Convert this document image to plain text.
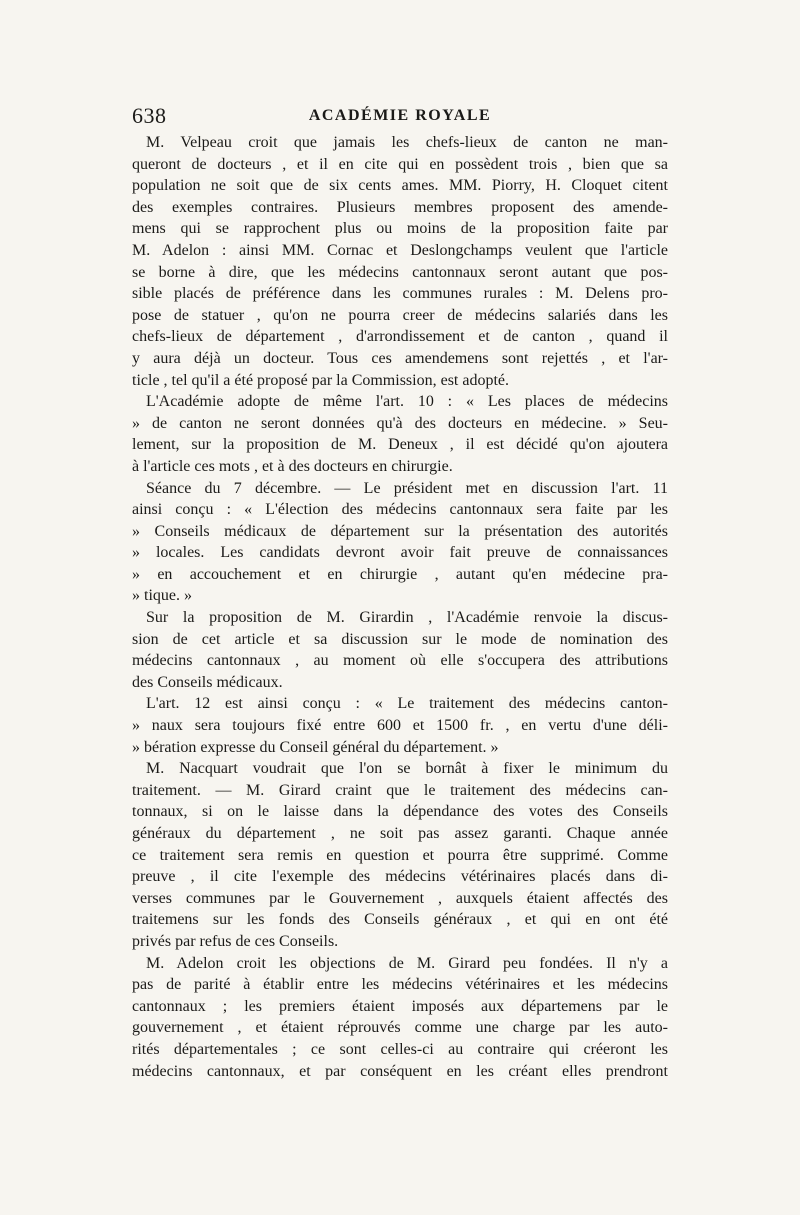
638	ACADÉMIE ROYALE
M. Velpeau croit que jamais les chefs-lieux de canton ne man-
queront de docteurs , et il en cite qui en possèdent trois , bien que sa
population ne soit que de six cents ames. MM. Piorry, H. Cloquet citent
des exemples contraires. Plusieurs membres proposent des amende-
mens qui se rapprochent plus ou moins de la proposition faite par
M. Adelon : ainsi MM. Cornac et Deslongchamps veulent que l'article
se borne à dire, que les médecins cantonnaux seront autant que pos-
sible placés de préférence dans les communes rurales : M. Delens pro-
pose de statuer , qu'on ne pourra creer de médecins salariés dans les
chefs-lieux de département , d'arrondissement et de canton , quand il
y aura déjà un docteur. Tous ces amendemens sont rejettés , et l'ar-
ticle , tel qu'il a été proposé par la Commission, est adopté.
L'Académie adopte de même l'art. 10 : « Les places de médecins
» de canton ne seront données qu'à des docteurs en médecine. » Seu-
lement, sur la proposition de M. Deneux , il est décidé qu'on ajoutera
à l'article ces mots , et à des docteurs en chirurgie.
Séance du 7 décembre. — Le président met en discussion l'art. 11
ainsi conçu : « L'élection des médecins cantonnaux sera faite par les
» Conseils médicaux de département sur la présentation des autorités
» locales. Les candidats devront avoir fait preuve de connaissances
» en accouchement et en chirurgie , autant qu'en médecine pra-
» tique. »
Sur la proposition de M. Girardin , l'Académie renvoie la discus-
sion de cet article et sa discussion sur le mode de nomination des
médecins cantonnaux , au moment où elle s'occupera des attributions
des Conseils médicaux.
L'art. 12 est ainsi conçu : « Le traitement des médecins canton-
» naux sera toujours fixé entre 600 et 1500 fr. , en vertu d'une déli-
» bération expresse du Conseil général du département. »
M. Nacquart voudrait que l'on se bornât à fixer le minimum du
traitement. — M. Girard craint que le traitement des médecins can-
tonnaux, si on le laisse dans la dépendance des votes des Conseils
généraux du département , ne soit pas assez garanti. Chaque année
ce traitement sera remis en question et pourra être supprimé. Comme
preuve , il cite l'exemple des médecins vétérinaires placés dans di-
verses communes par le Gouvernement , auxquels étaient affectés des
traitemens sur les fonds des Conseils généraux , et qui en ont été
privés par refus de ces Conseils.
M. Adelon croit les objections de M. Girard peu fondées. Il n'y a
pas de parité à établir entre les médecins vétérinaires et les médecins
cantonnaux ; les premiers étaient imposés aux départemens par le
gouvernement , et étaient réprouvés comme une charge par les auto-
rités départementales ; ce sont celles-ci au contraire qui créeront les
médecins cantonnaux, et par conséquent en les créant elles prendront
